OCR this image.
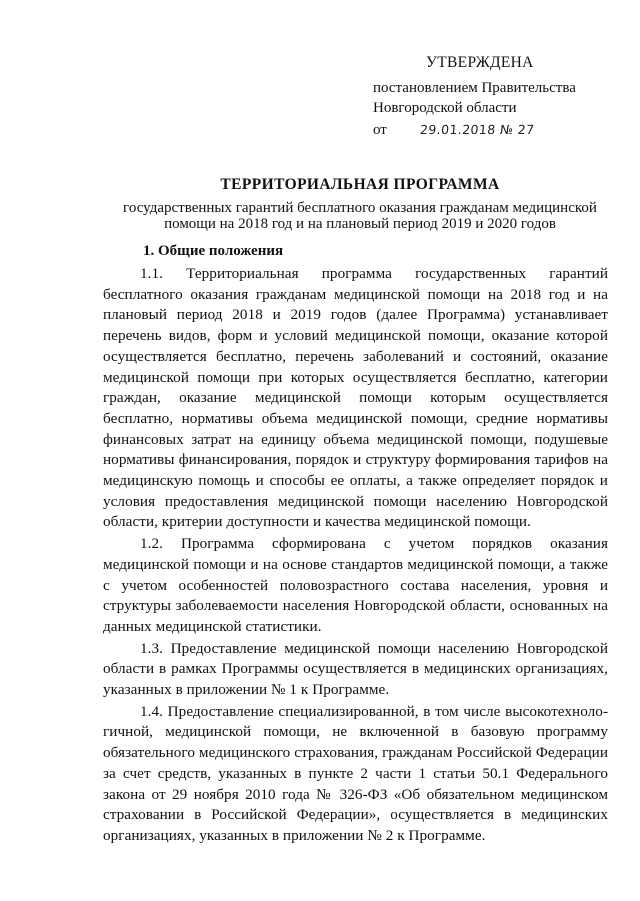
УТВЕРЖДЕНА
постановлением Правительства
Новгородской области
от	29.01.2018 № 27
ТЕРРИТОРИАЛЬНАЯ ПРОГРАММА
государственных гарантий бесплатного оказания гражданам медицинской
помощи на 2018 год и на плановый период 2019 и 2020 годов
1. Общие положения

1.1. Территориальная программа государственных гарантий бесплатного оказания гражданам медицинской помощи на 2018 год и на плановый период 2018 и 2019 годов (далее Программа) устанавливает перечень видов, форм и условий медицинской помощи, оказание которой осуществляется бесплатно, перечень заболеваний и состояний, оказание медицинской помощи при которых осуществляется бесплатно, категории граждан, оказание медицинской помощи которым осуществляется бесплатно, нормативы объема медицинской помощи, средние нормативы финансовых затрат на единицу объема медицинской помощи, подушевые нормативы финансирования, порядок и структуру формирования тарифов на медицинскую помощь и способы ее оплаты, а также определяет порядок и условия предоставления медицинской помощи населению Новгородской области, критерии доступности и качества медицинской помощи.

1.2. Программа сформирована с учетом порядков оказания медицинской помощи и на основе стандартов медицинской помощи, а также с учетом особенностей половозрастного состава населения, уровня и структуры заболеваемости населения Новгородской области, основанных на данных медицинской статистики.

1.3. Предоставление медицинской помощи населению Новгородской области в рамках Программы осуществляется в медицинских организациях, указанных в приложении № 1 к Программе.

1.4. Предоставление специализированной, в том числе высокотехнологичной, медицинской помощи, не включенной в базовую программу обязательного медицинского страхования, гражданам Российской Федерации за счет средств, указанных в пункте 2 части 1 статьи 50.1 Федерального закона от 29 ноября 2010 года № 326-ФЗ «Об обязательном медицинском страховании в Российской Федерации», осуществляется в медицинских организациях, указанных в приложении № 2 к Программе.
